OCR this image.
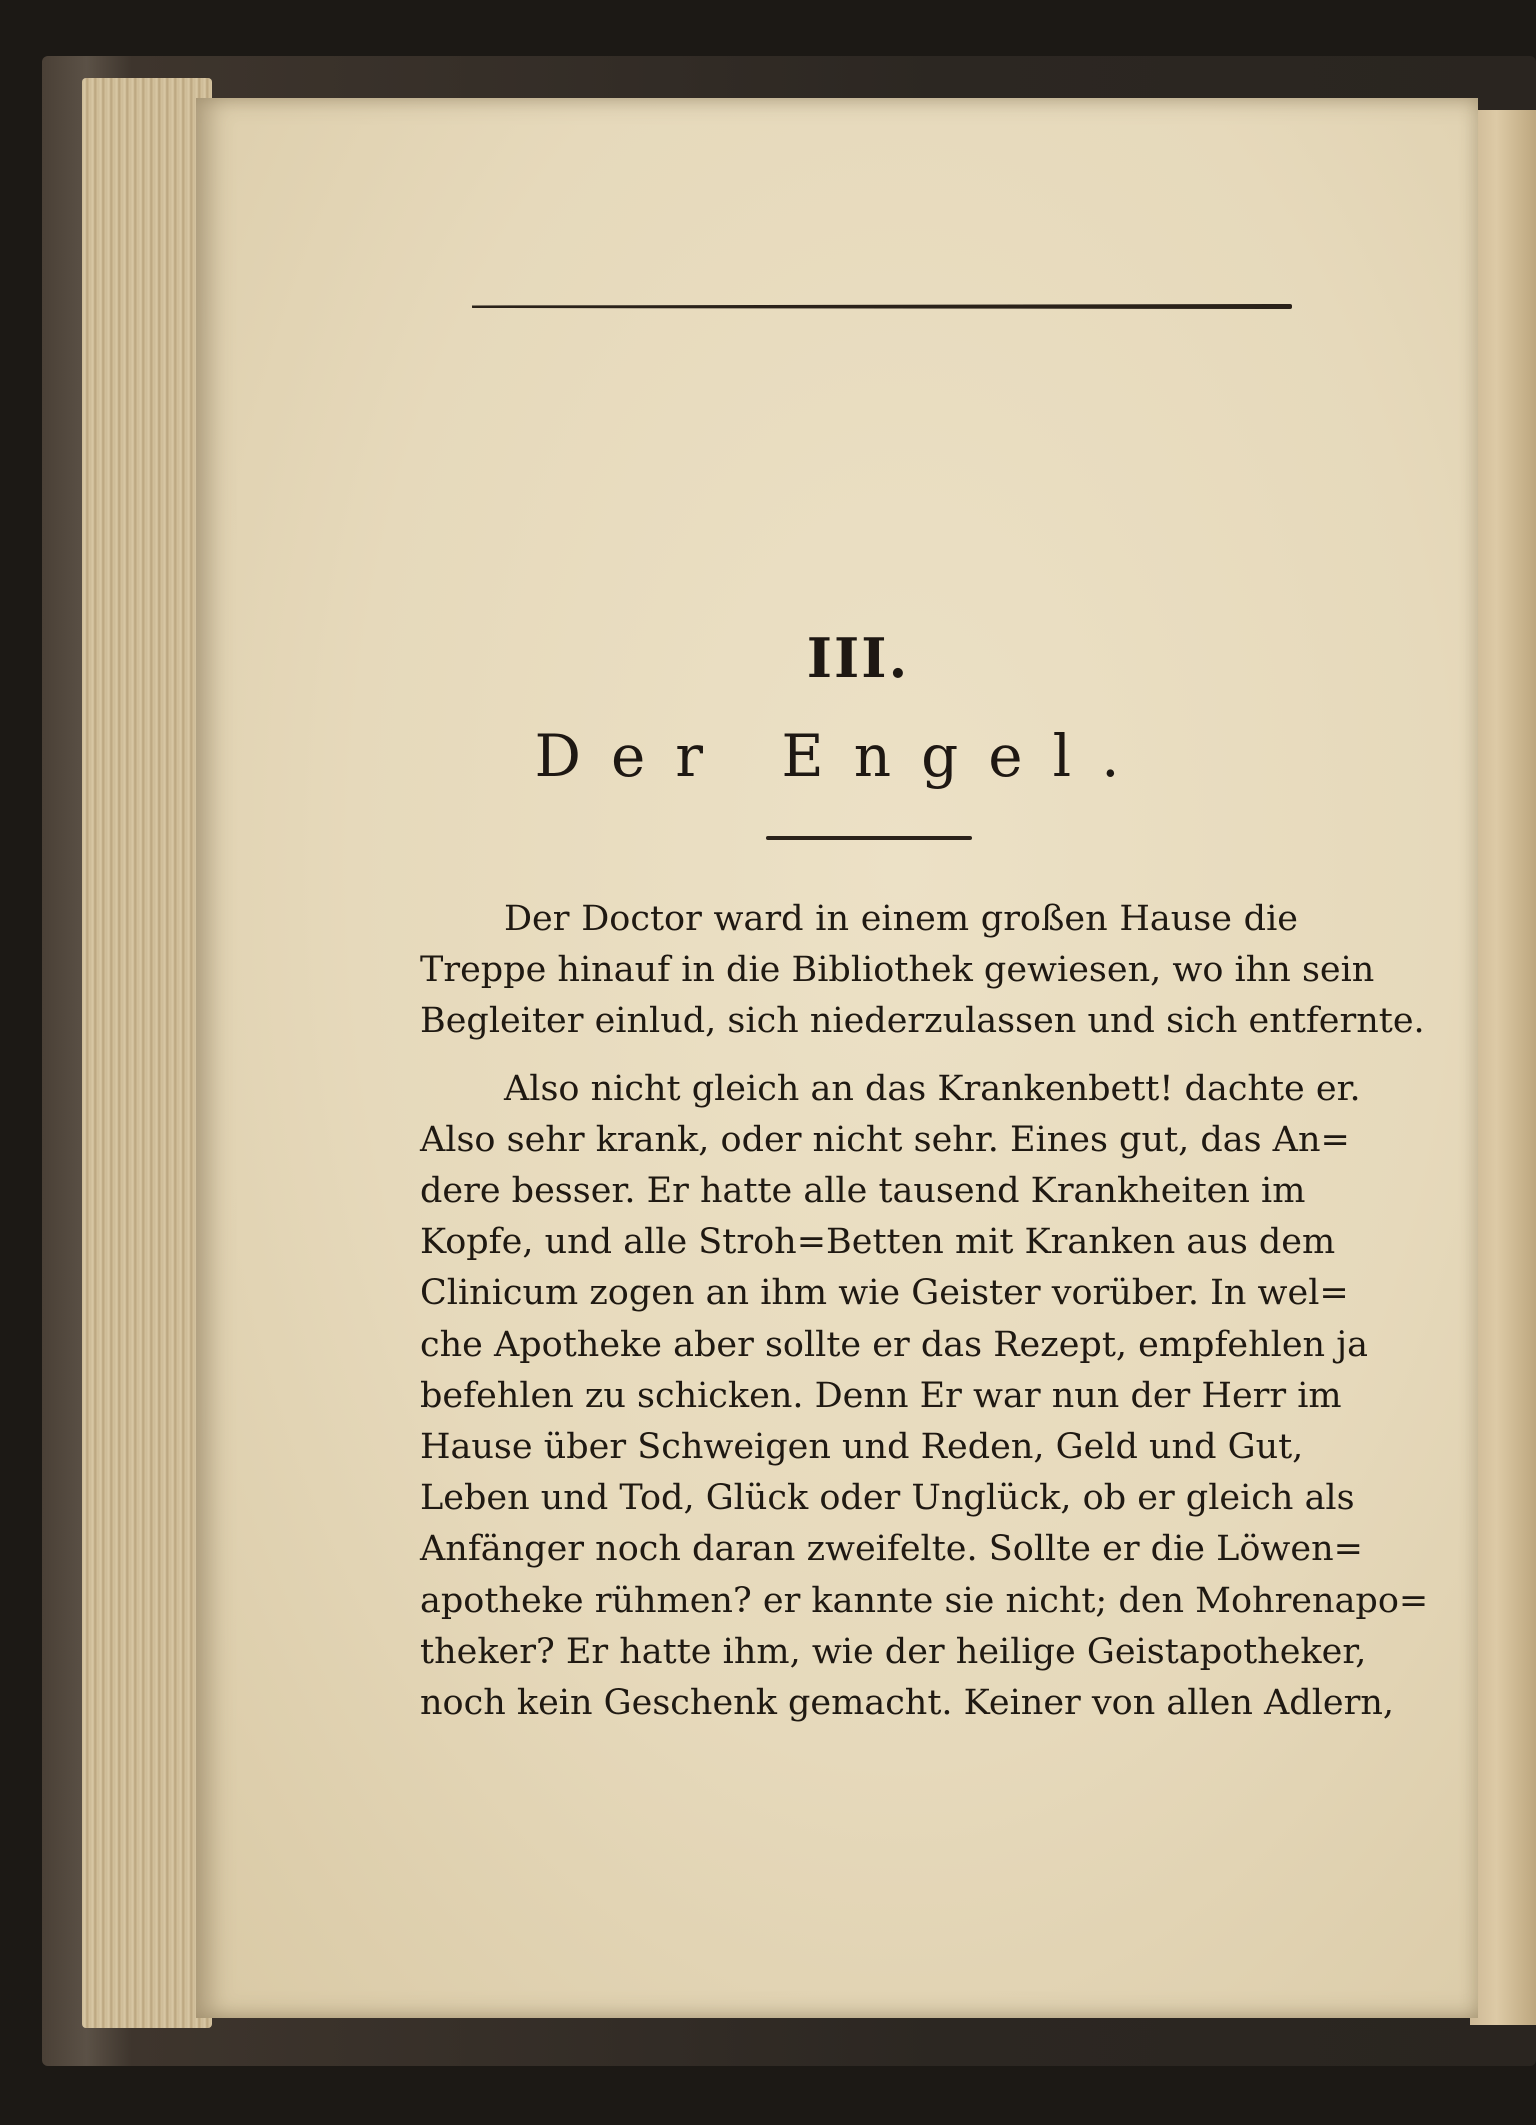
III.
Der Engel.
Der Doctor ward in einem großen Hause die
Treppe hinauf in die Bibliothek gewiesen, wo ihn sein
Begleiter einlud, sich niederzulassen und sich entfernte.
Also nicht gleich an das Krankenbett! dachte er.
Also sehr krank, oder nicht sehr. Eines gut, das An=
dere besser. Er hatte alle tausend Krankheiten im
Kopfe, und alle Stroh=Betten mit Kranken aus dem
Clinicum zogen an ihm wie Geister vorüber. In wel=
che Apotheke aber sollte er das Rezept, empfehlen ja
befehlen zu schicken. Denn Er war nun der Herr im
Hause über Schweigen und Reden, Geld und Gut,
Leben und Tod, Glück oder Unglück, ob er gleich als
Anfänger noch daran zweifelte. Sollte er die Löwen=
apotheke rühmen? er kannte sie nicht; den Mohrenapo=
theker? Er hatte ihm, wie der heilige Geistapotheker,
noch kein Geschenk gemacht. Keiner von allen Adlern,
